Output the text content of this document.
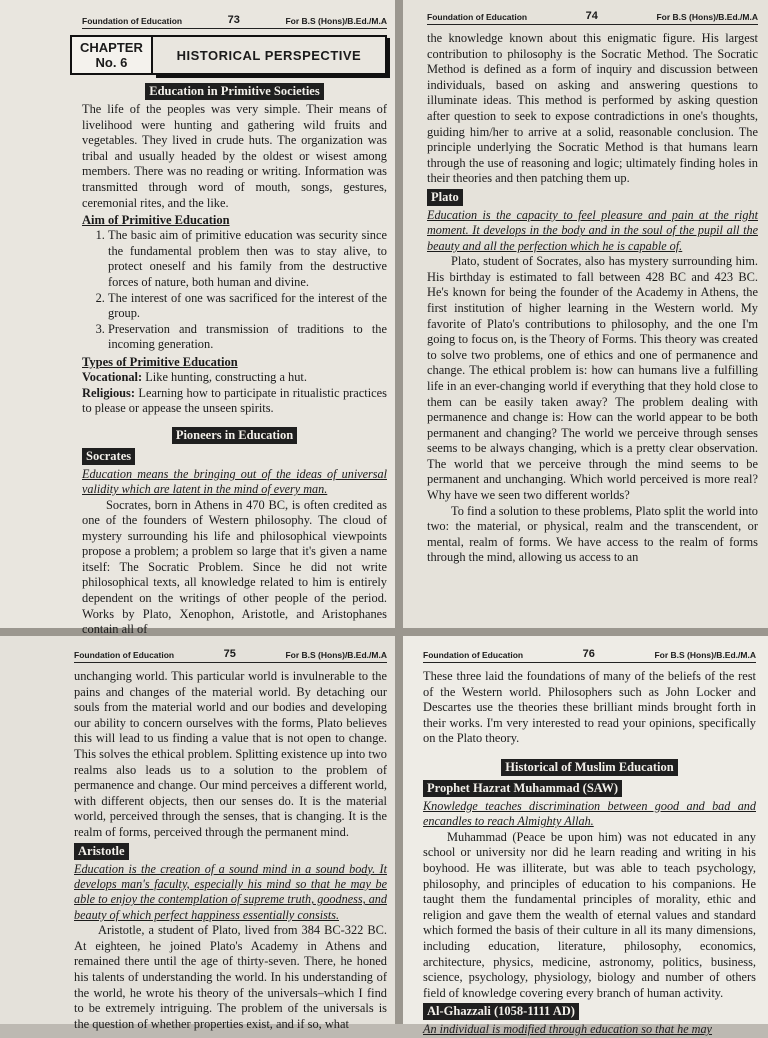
Foundation of Education	73	For B.S (Hons)/B.Ed./M.A
CHAPTER
No. 6	HISTORICAL PERSPECTIVE
Education in Primitive Societies

The life of the peoples was very simple. Their means of livelihood were hunting and gathering wild fruits and vegetables. They lived in crude huts. The organization was tribal and usually headed by the oldest or wisest among members. There was no reading or writing. Information was transmitted through word of mouth, songs, gestures, ceremonial rites, and the like.

Aim of Primitive Education
1. The basic aim of primitive education was security since the fundamental problem then was to stay alive, to protect oneself and his family from the destructive forces of nature, both human and divine.
2. The interest of one was sacrificed for the interest of the group.
3. Preservation and transmission of traditions to the incoming generation.
Types of Primitive Education

Vocational: Like hunting, constructing a hut.

Religious: Learning how to participate in ritualistic practices to please or appease the unseen spirits.

Pioneers in Education
Socrates

Education means the bringing out of the ideas of universal validity which are latent in the mind of every man.

Socrates, born in Athens in 470 BC, is often credited as one of the founders of Western philosophy. The cloud of mystery surrounding his life and philosophical viewpoints propose a problem; a problem so large that it's given a name itself: The Socratic Problem. Since he did not write philosophical texts, all knowledge related to him is entirely dependent on the writings of other people of the period. Works by Plato, Xenophon, Aristotle, and Aristophanes contain all of

Foundation of Education	74	For B.S (Hons)/B.Ed./M.A

the knowledge known about this enigmatic figure. His largest contribution to philosophy is the Socratic Method. The Socratic Method is defined as a form of inquiry and discussion between individuals, based on asking and answering questions to illuminate ideas. This method is performed by asking question after question to seek to expose contradictions in one's thoughts, guiding him/her to arrive at a solid, reasonable conclusion. The principle underlying the Socratic Method is that humans learn through the use of reasoning and logic; ultimately finding holes in their theories and then patching them up.

Plato

Education is the capacity to feel pleasure and pain at the right moment. It develops in the body and in the soul of the pupil all the beauty and all the perfection which he is capable of.

Plato, student of Socrates, also has mystery surrounding him. His birthday is estimated to fall between 428 BC and 423 BC. He's known for being the founder of the Academy in Athens, the first institution of higher learning in the Western world. My favorite of Plato's contributions to philosophy, and the one I'm going to focus on, is the Theory of Forms. This theory was created to solve two problems, one of ethics and one of permanence and change. The ethical problem is: how can humans live a fulfilling life in an ever-changing world if everything that they hold close to them can be easily taken away? The problem dealing with permanence and change is: How can the world appear to be both permanent and changing? The world we perceive through senses seems to be always changing, which is a pretty clear observation. The world that we perceive through the mind seems to be permanent and unchanging. Which world perceived is more real? Why have we seen two different worlds?

To find a solution to these problems, Plato split the world into two: the material, or physical, realm and the transcendent, or mental, realm of forms. We have access to the realm of forms through the mind, allowing us access to an

Foundation of Education	75	For B.S (Hons)/B.Ed./M.A

unchanging world. This particular world is invulnerable to the pains and changes of the material world. By detaching our souls from the material world and our bodies and developing our ability to concern ourselves with the forms, Plato believes this will lead to us finding a value that is not open to change. This solves the ethical problem. Splitting existence up into two realms also leads us to a solution to the problem of permanence and change. Our mind perceives a different world, with different objects, then our senses do. It is the material world, perceived through the senses, that is changing. It is the realm of forms, perceived through the permanent mind.

Aristotle

Education is the creation of a sound mind in a sound body. It develops man's faculty, especially his mind so that he may be able to enjoy the contemplation of supreme truth, goodness, and beauty of which perfect happiness essentially consists.

Aristotle, a student of Plato, lived from 384 BC-322 BC. At eighteen, he joined Plato's Academy in Athens and remained there until the age of thirty-seven. There, he honed his talents of understanding the world. In his understanding of the world, he wrote his theory of the universals–which I find to be extremely intriguing. The problem of the universals is the question of whether properties exist, and if so, what

Foundation of Education	76	For B.S (Hons)/B.Ed./M.A

These three laid the foundations of many of the beliefs of the rest of the Western world. Philosophers such as John Locker and Descartes use the theories these brilliant minds brought forth in their works. I'm very interested to read your opinions, specifically on the Plato theory.

Historical of Muslim Education
Prophet Hazrat Muhammad (SAW)

Knowledge teaches discrimination between good and bad and encandles to reach Almighty Allah.

Muhammad (Peace be upon him) was not educated in any school or university nor did he learn reading and writing in his boyhood. He was illiterate, but was able to teach psychology, philosophy, and principles of education to his companions. He taught them the fundamental principles of morality, ethic and religion and gave them the wealth of eternal values and standard which formed the basis of their culture in all its many dimensions, including education, literature, philosophy, economics, architecture, physics, medicine, astronomy, politics, business, science, psychology, physiology, biology and number of others field of knowledge covering every branch of human activity.

Al-Ghazzali (1058-1111 AD)

An individual is modified through education so that he may
